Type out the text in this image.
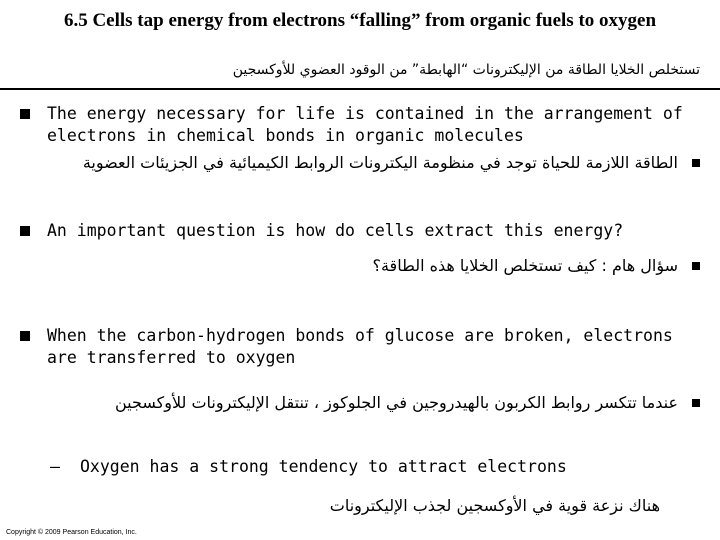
6.5 Cells tap energy from electrons “falling” from organic fuels to oxygen
تستخلص الخلايا الطاقة من الإليكترونات “الهابطة” من الوقود العضوي للأوكسجين
The energy necessary for life is contained in the arrangement of electrons in chemical bonds in organic molecules
الطاقة اللازمة للحياة توجد في منظومة اليكترونات الروابط الكيميائية في الجزيئات العضوية
An important question is how do cells extract this energy?
سؤال هام : كيف تستخلص الخلايا هذه الطاقة؟
When the carbon-hydrogen bonds of glucose are broken, electrons are transferred to oxygen
عندما تتكسر روابط الكربون بالهيدروجين في الجلوكوز ، تنتقل الإليكترونات للأوكسجين
– Oxygen has a strong tendency to attract electrons
هناك نزعة قوية في الأوكسجين لجذب الإليكترونات
Copyright © 2009 Pearson Education, Inc.
